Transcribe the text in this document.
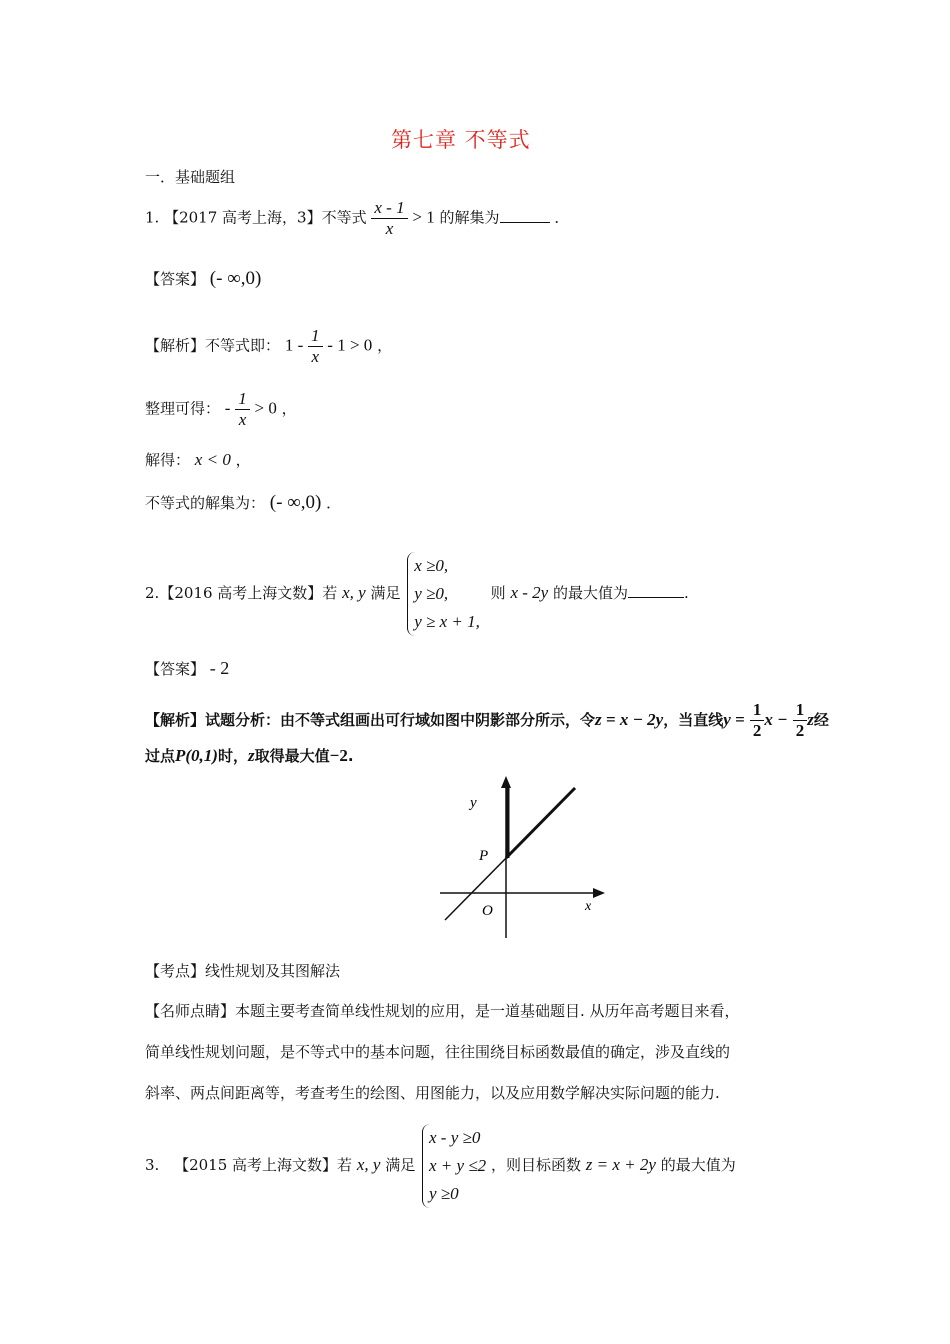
第七章 不等式
一．基础题组
1. 【2017 高考上海，3】不等式 $\frac{x - 1}{x} > 1$ 的解集为	．
【答案】 (- ∞,0)
【解析】不等式即： $1 - \frac{1}{x} - 1 > 0$ ，
整理可得： - $\frac{1}{x} > 0$ ，
解得： x < 0 ，
不等式的解集为： (- ∞,0) ．
2.【2016 高考上海文数】若 x, y 满足
x ≥0,
y ≥0,
y ≥ x + 1,
则 x - 2y 的最大值为	.
【答案】 - 2
【解析】试题分析：由不等式组画出可行域如图中阴影部分所示，令z = x − 2y，当直线$y = \frac{1}{2}$ $x - \frac{1}{2}$ z经
过点P(0,1)时，z取得最大值−2.
y
P
O	x
【考点】线性规划及其图解法
【名师点睛】本题主要考查简单线性规划的应用，是一道基础题目. 从历年高考题目来看，
简单线性规划问题，是不等式中的基本问题，往往围绕目标函数最值的确定，涉及直线的
斜率、两点间距离等，考查考生的绘图、用图能力，以及应用数学解决实际问题的能力.
3. 【2015 高考上海文数】若 x, y 满足
x - y ≥0
x + y ≤2
y ≥0
，则目标函数 z = x + 2y 的最大值为
